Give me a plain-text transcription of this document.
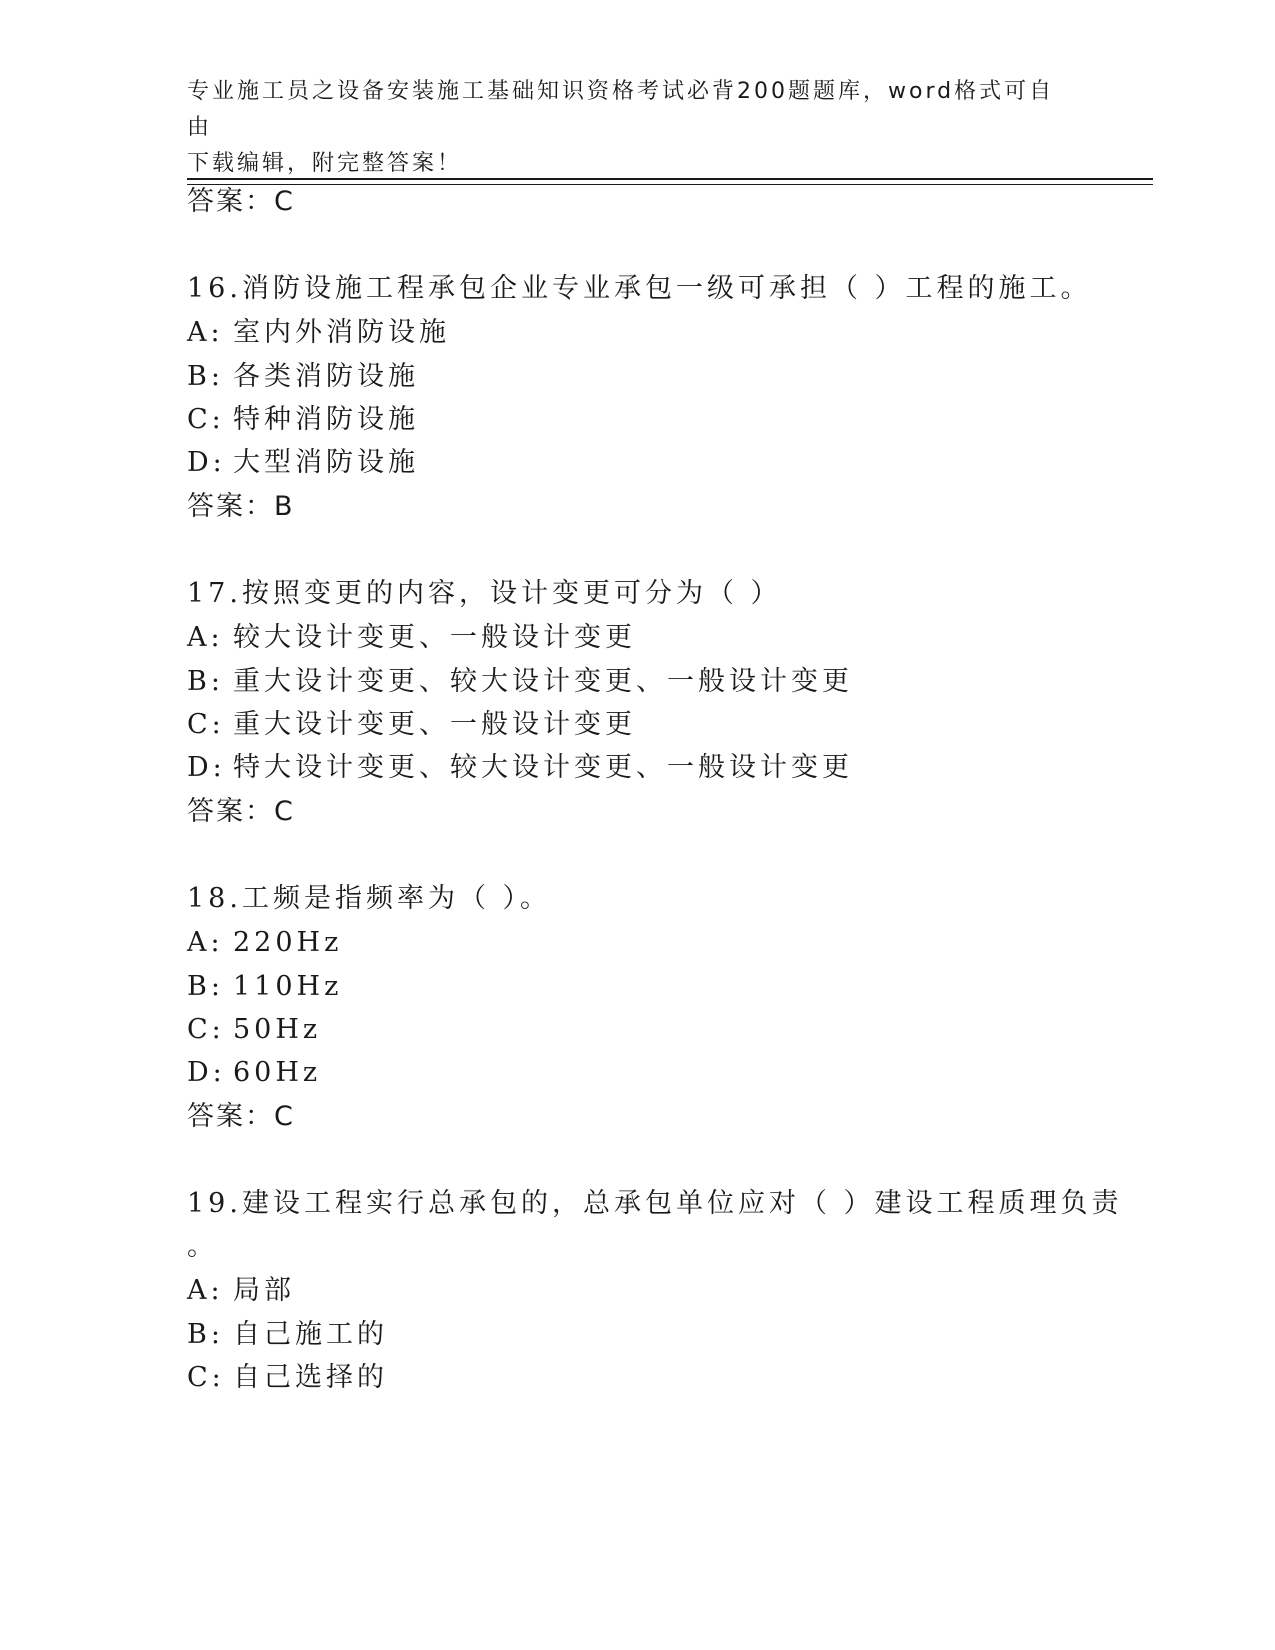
专业施工员之设备安装施工基础知识资格考试必背200题题库，word格式可自由
下载编辑，附完整答案！
答案：C
16.消防设施工程承包企业专业承包一级可承担（ ）工程的施工。
A: 室内外消防设施
B: 各类消防设施
C: 特种消防设施
D: 大型消防设施
答案：B
17.按照变更的内容，设计变更可分为（ ）
A: 较大设计变更、一般设计变更
B: 重大设计变更、较大设计变更、一般设计变更
C: 重大设计变更、一般设计变更
D: 特大设计变更、较大设计变更、一般设计变更
答案：C
18.工频是指频率为（ ）。
A: 220Hz
B: 110Hz
C: 50Hz
D: 60Hz
答案：C
19.建设工程实行总承包的，总承包单位应对（ ）建设工程质理负责
。
A: 局部
B: 自己施工的
C: 自己选择的
